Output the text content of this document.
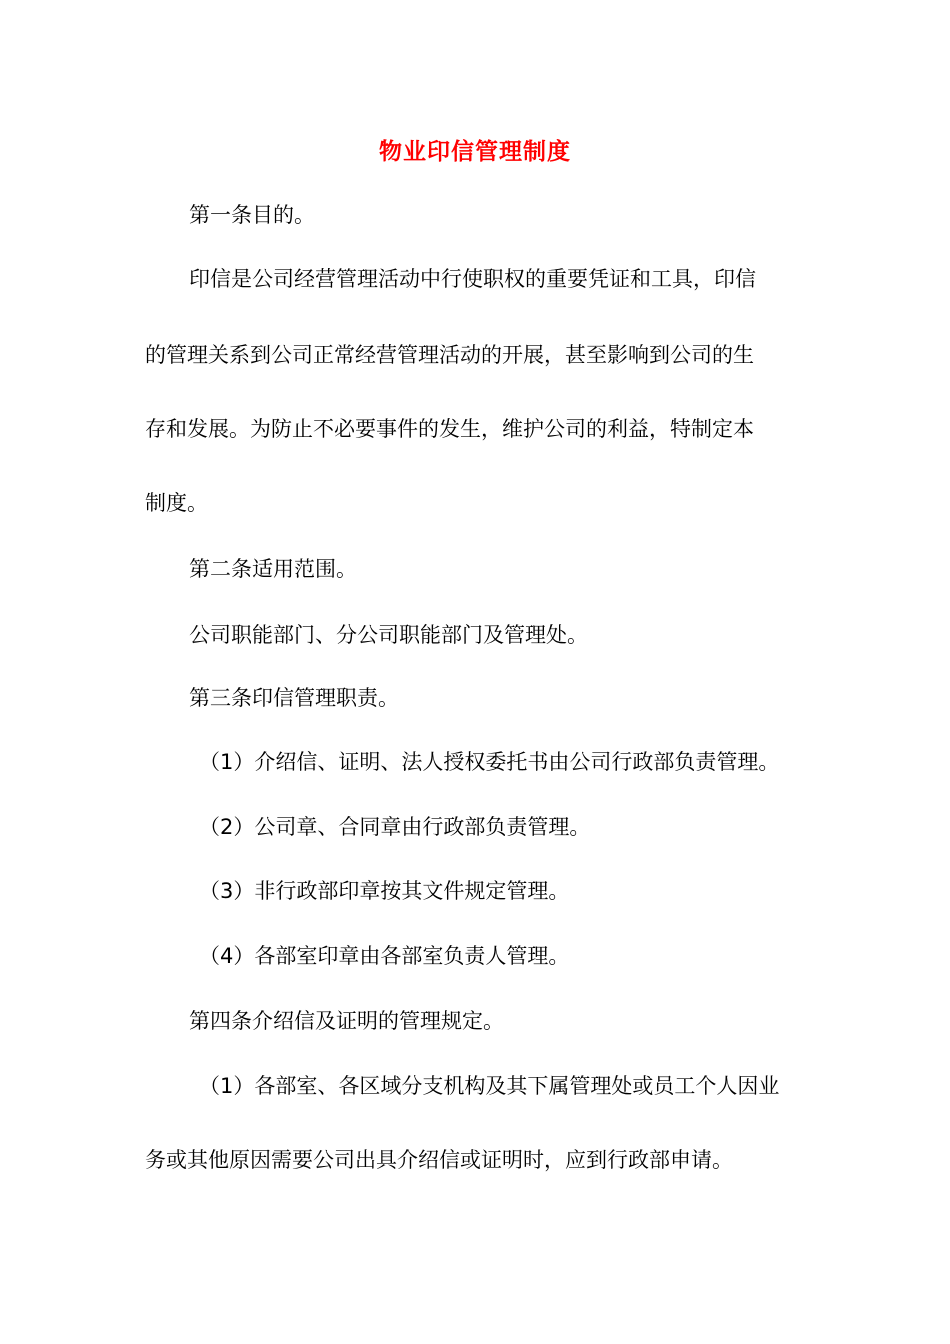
物业印信管理制度
第一条目的。
印信是公司经营管理活动中行使职权的重要凭证和工具，印信
的管理关系到公司正常经营管理活动的开展，甚至影响到公司的生
存和发展。为防止不必要事件的发生，维护公司的利益，特制定本
制度。
第二条适用范围。
公司职能部门、分公司职能部门及管理处。
第三条印信管理职责。
（1）介绍信、证明、法人授权委托书由公司行政部负责管理。
（2）公司章、合同章由行政部负责管理。
（3）非行政部印章按其文件规定管理。
（4）各部室印章由各部室负责人管理。
第四条介绍信及证明的管理规定。
（1）各部室、各区域分支机构及其下属管理处或员工个人因业
务或其他原因需要公司出具介绍信或证明时，应到行政部申请。
